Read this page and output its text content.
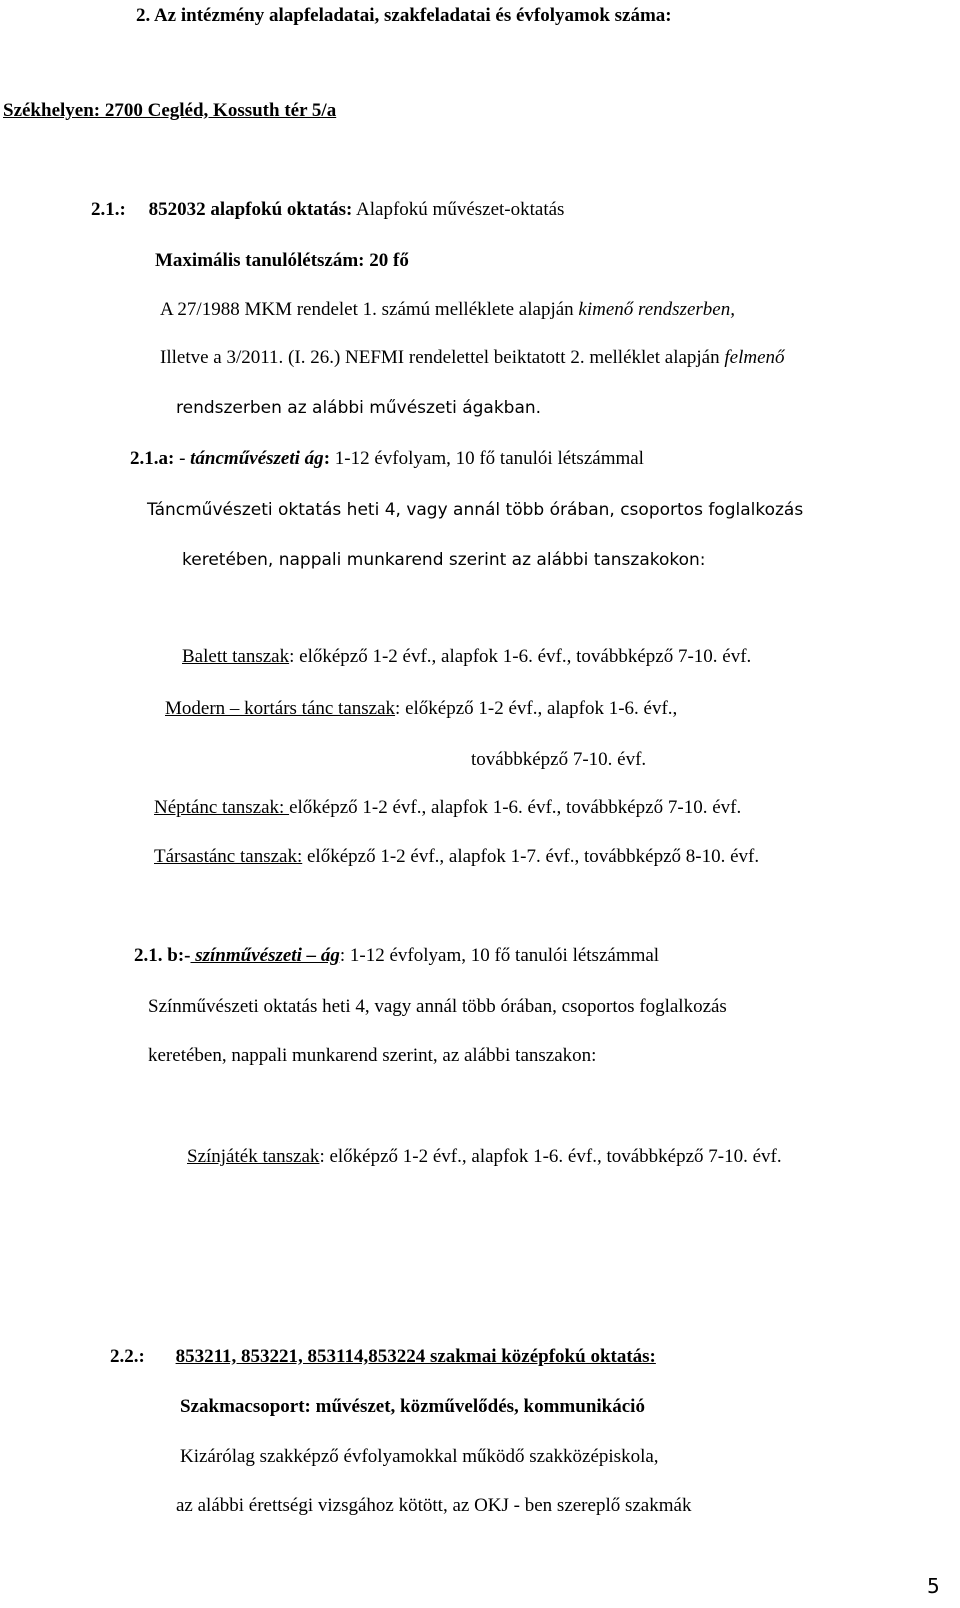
2. Az intézmény alapfeladatai, szakfeladatai és évfolyamok száma:
Székhelyen: 2700 Cegléd, Kossuth tér 5/a
2.1.: 852032 alapfokú oktatás: Alapfokú művészet-oktatás
Maximális tanulólétszám: 20 fő
A 27/1988 MKM rendelet 1. számú melléklete alapján kimenő rendszerben,
Illetve a 3/2011. (I. 26.) NEFMI rendelettel beiktatott 2. melléklet alapján felmenő
rendszerben az alábbi művészeti ágakban.
2.1.a: - táncművészeti ág: 1-12 évfolyam, 10 fő tanulói létszámmal
Táncművészeti oktatás heti 4, vagy annál több órában, csoportos foglalkozás
keretében, nappali munkarend szerint az alábbi tanszakokon:
Balett tanszak: előképző 1-2 évf., alapfok 1-6. évf., továbbképző 7-10. évf.
Modern – kortárs tánc tanszak: előképző 1-2 évf., alapfok 1-6. évf.,
továbbképző 7-10. évf.
Néptánc tanszak: előképző 1-2 évf., alapfok 1-6. évf., továbbképző 7-10. évf.
Társastánc tanszak: előképző 1-2 évf., alapfok 1-7. évf., továbbképző 8-10. évf.
2.1. b:- színművészeti – ág: 1-12 évfolyam, 10 fő tanulói létszámmal
Színművészeti oktatás heti 4, vagy annál több órában, csoportos foglalkozás
keretében, nappali munkarend szerint, az alábbi tanszakon:
Színjáték tanszak: előképző 1-2 évf., alapfok 1-6. évf., továbbképző 7-10. évf.
2.2.: 853211, 853221, 853114,853224 szakmai középfokú oktatás:
Szakmacsoport: művészet, közművelődés, kommunikáció
Kizárólag szakképző évfolyamokkal működő szakközépiskola,
az alábbi érettségi vizsgához kötött, az OKJ - ben szereplő szakmák
5
